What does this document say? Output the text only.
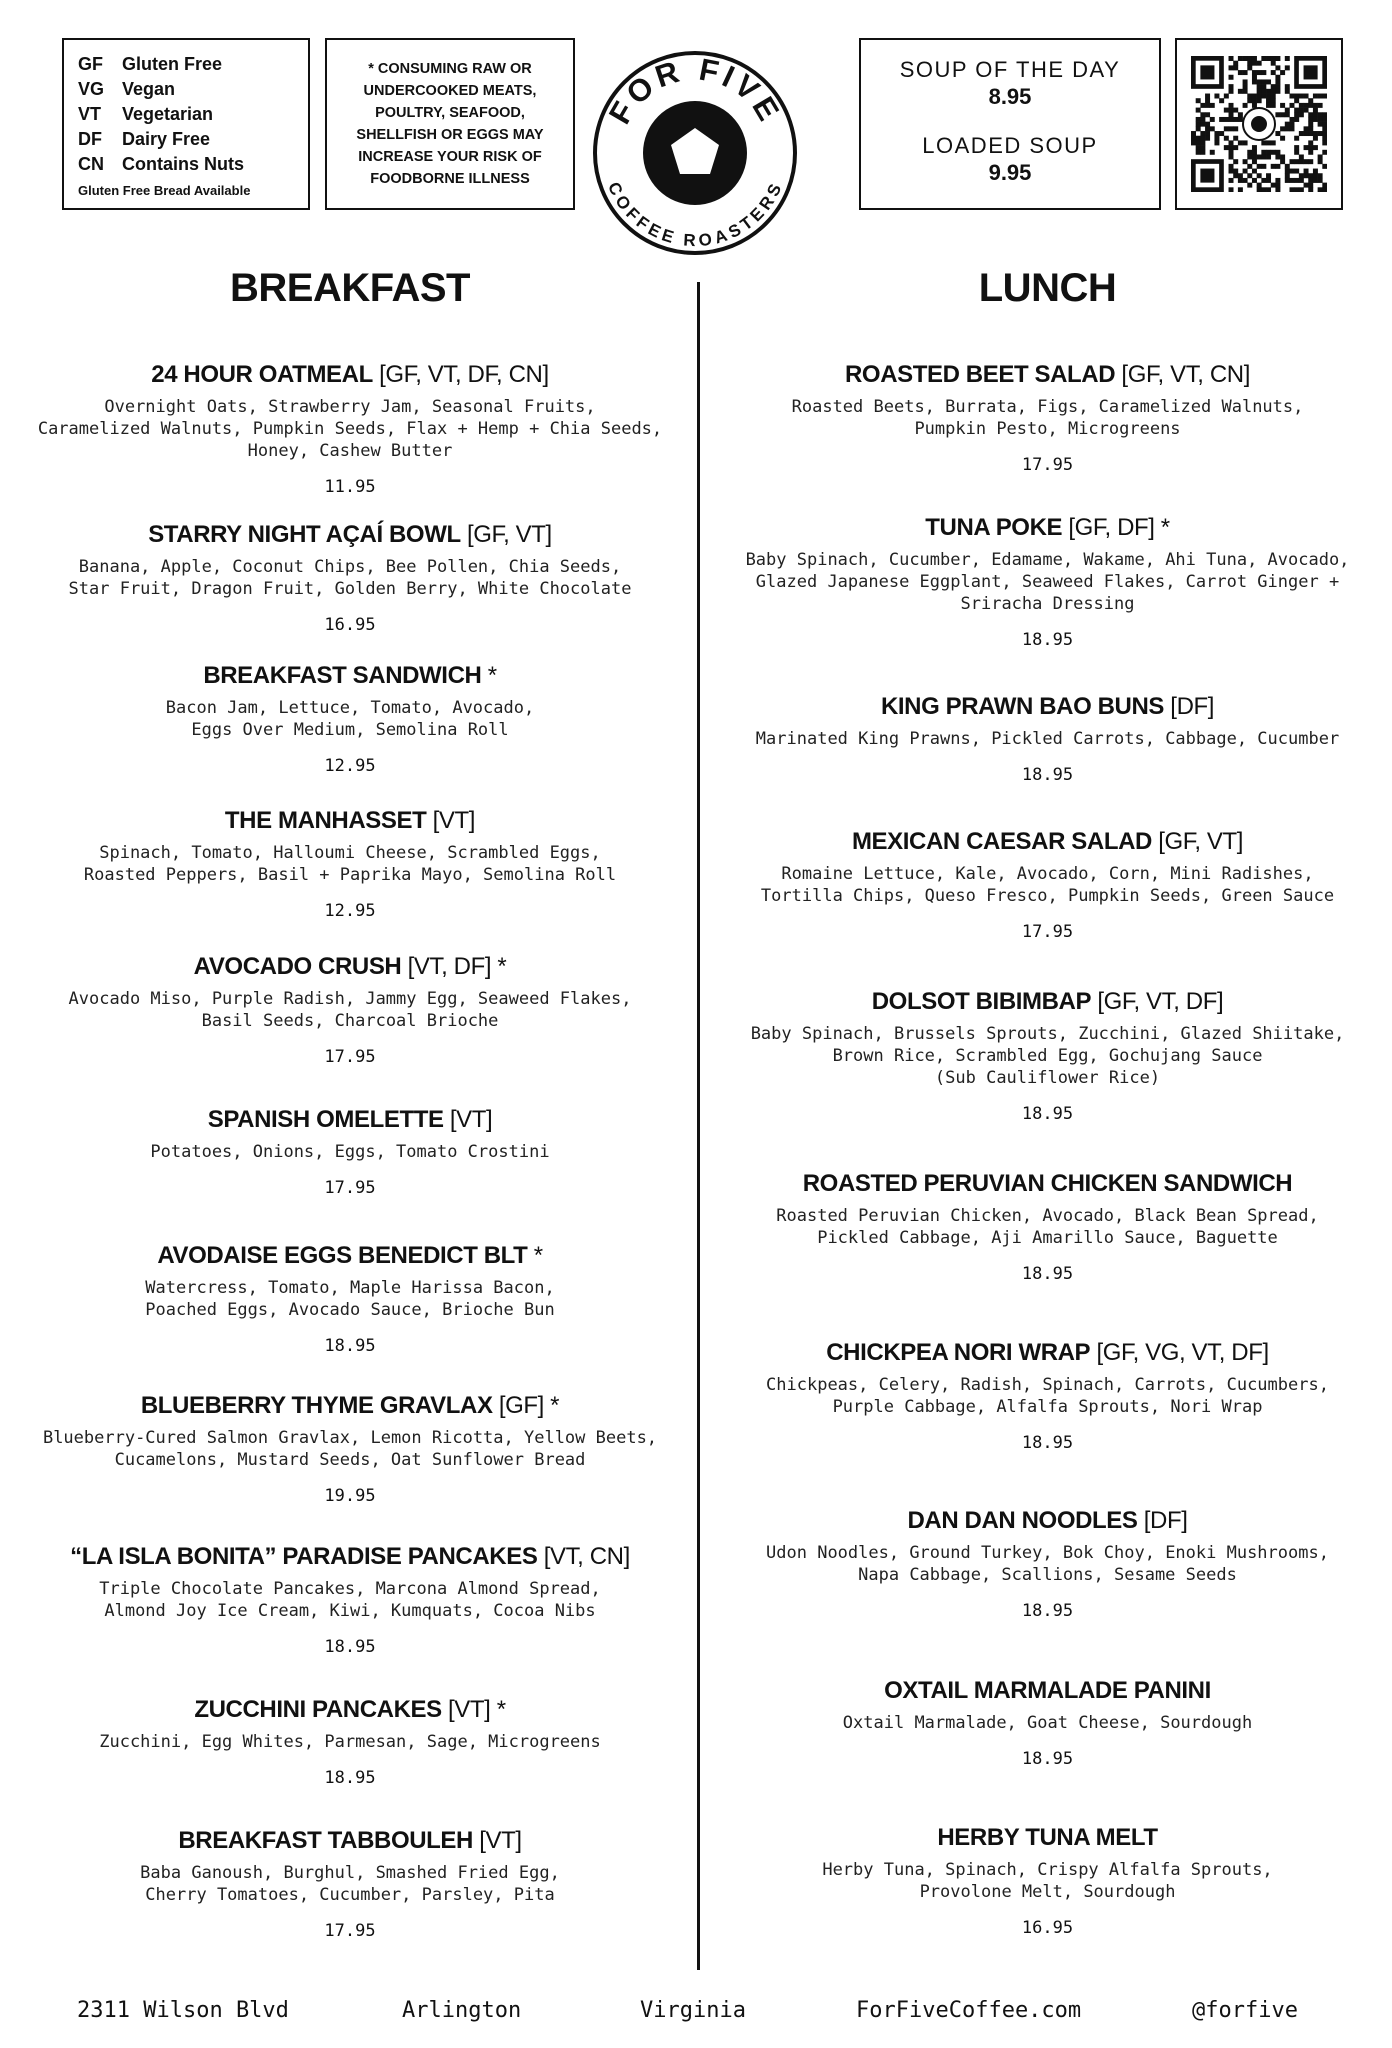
GF	Gluten Free
VG Vegan
VT	Vegetarian
DF	Dairy Free
CN	Contains Nuts
Gluten Free Bread Available
* CONSUMING RAW OR UNDERCOOKED MEATS, POULTRY, SEAFOOD, SHELLFISH OR EGGS MAY INCREASE YOUR RISK OF FOODBORNE ILLNESS
FOR FIVE
COFFEE ROASTERS
SOUP OF THE DAY
8.95
LOADED SOUP
9.95
BREAKFAST
24 HOUR OATMEAL [GF, VT, DF, CN]
Overnight Oats, Strawberry Jam, Seasonal Fruits,
Caramelized Walnuts, Pumpkin Seeds, Flax + Hemp + Chia Seeds,
Honey, Cashew Butter
11.95
STARRY NIGHT AÇAÍ BOWL [GF, VT]
Banana, Apple, Coconut Chips, Bee Pollen, Chia Seeds,
Star Fruit, Dragon Fruit, Golden Berry, White Chocolate
16.95
BREAKFAST SANDWICH *
Bacon Jam, Lettuce, Tomato, Avocado,
Eggs Over Medium, Semolina Roll
12.95
THE MANHASSET [VT]
Spinach, Tomato, Halloumi Cheese, Scrambled Eggs,
Roasted Peppers, Basil + Paprika Mayo, Semolina Roll
12.95
AVOCADO CRUSH [VT, DF] *
Avocado Miso, Purple Radish, Jammy Egg, Seaweed Flakes,
Basil Seeds, Charcoal Brioche
17.95
SPANISH OMELETTE [VT]
Potatoes, Onions, Eggs, Tomato Crostini
17.95
AVODAISE EGGS BENEDICT BLT *
Watercress, Tomato, Maple Harissa Bacon,
Poached Eggs, Avocado Sauce, Brioche Bun
18.95
BLUEBERRY THYME GRAVLAX [GF] *
Blueberry-Cured Salmon Gravlax, Lemon Ricotta, Yellow Beets,
Cucamelons, Mustard Seeds, Oat Sunflower Bread
19.95
“LA ISLA BONITA” PARADISE PANCAKES [VT, CN]
Triple Chocolate Pancakes, Marcona Almond Spread,
Almond Joy Ice Cream, Kiwi, Kumquats, Cocoa Nibs
18.95
ZUCCHINI PANCAKES [VT] *
Zucchini, Egg Whites, Parmesan, Sage, Microgreens
18.95
BREAKFAST TABBOULEH [VT]
Baba Ganoush, Burghul, Smashed Fried Egg,
Cherry Tomatoes, Cucumber, Parsley, Pita
17.95
LUNCH
ROASTED BEET SALAD [GF, VT, CN]
Roasted Beets, Burrata, Figs, Caramelized Walnuts,
Pumpkin Pesto, Microgreens
17.95
TUNA POKE [GF, DF] *
Baby Spinach, Cucumber, Edamame, Wakame, Ahi Tuna, Avocado,
Glazed Japanese Eggplant, Seaweed Flakes, Carrot Ginger +
Sriracha Dressing
18.95
KING PRAWN BAO BUNS [DF]
Marinated King Prawns, Pickled Carrots, Cabbage, Cucumber
18.95
MEXICAN CAESAR SALAD [GF, VT]
Romaine Lettuce, Kale, Avocado, Corn, Mini Radishes,
Tortilla Chips, Queso Fresco, Pumpkin Seeds, Green Sauce
17.95
DOLSOT BIBIMBAP [GF, VT, DF]
Baby Spinach, Brussels Sprouts, Zucchini, Glazed Shiitake,
Brown Rice, Scrambled Egg, Gochujang Sauce
(Sub Cauliflower Rice)
18.95
ROASTED PERUVIAN CHICKEN SANDWICH
Roasted Peruvian Chicken, Avocado, Black Bean Spread,
Pickled Cabbage, Aji Amarillo Sauce, Baguette
18.95
CHICKPEA NORI WRAP [GF, VG, VT, DF]
Chickpeas, Celery, Radish, Spinach, Carrots, Cucumbers,
Purple Cabbage, Alfalfa Sprouts, Nori Wrap
18.95
DAN DAN NOODLES [DF]
Udon Noodles, Ground Turkey, Bok Choy, Enoki Mushrooms,
Napa Cabbage, Scallions, Sesame Seeds
18.95
OXTAIL MARMALADE PANINI
Oxtail Marmalade, Goat Cheese, Sourdough
18.95
HERBY TUNA MELT
Herby Tuna, Spinach, Crispy Alfalfa Sprouts,
Provolone Melt, Sourdough
16.95
2311 Wilson Blvd	Arlington	Virginia	ForFiveCoffee.com	@forfive
